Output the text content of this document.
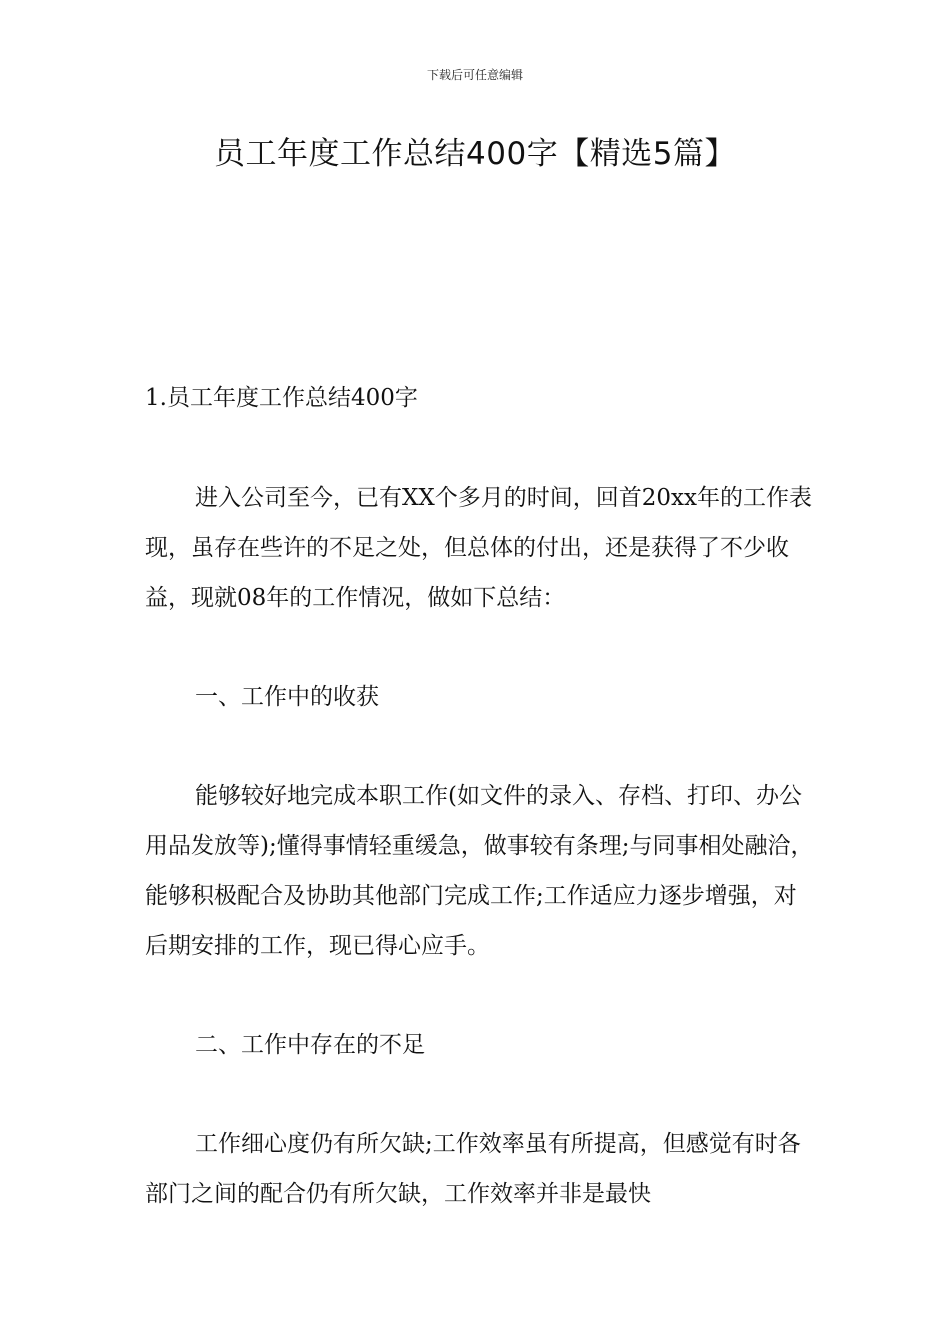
下载后可任意编辑
员工年度工作总结400字【精选5篇】

1.员工年度工作总结400字

进入公司至今，已有XX个多月的时间，回首20xx年的工作表现，虽存在些许的不足之处，但总体的付出，还是获得了不少收益，现就08年的工作情况，做如下总结：

一、工作中的收获

能够较好地完成本职工作(如文件的录入、存档、打印、办公用品发放等);懂得事情轻重缓急，做事较有条理;与同事相处融洽，能够积极配合及协助其他部门完成工作;工作适应力逐步增强，对后期安排的工作，现已得心应手。

二、工作中存在的不足

工作细心度仍有所欠缺;工作效率虽有所提高，但感觉有时各部门之间的配合仍有所欠缺，工作效率并非是最快
